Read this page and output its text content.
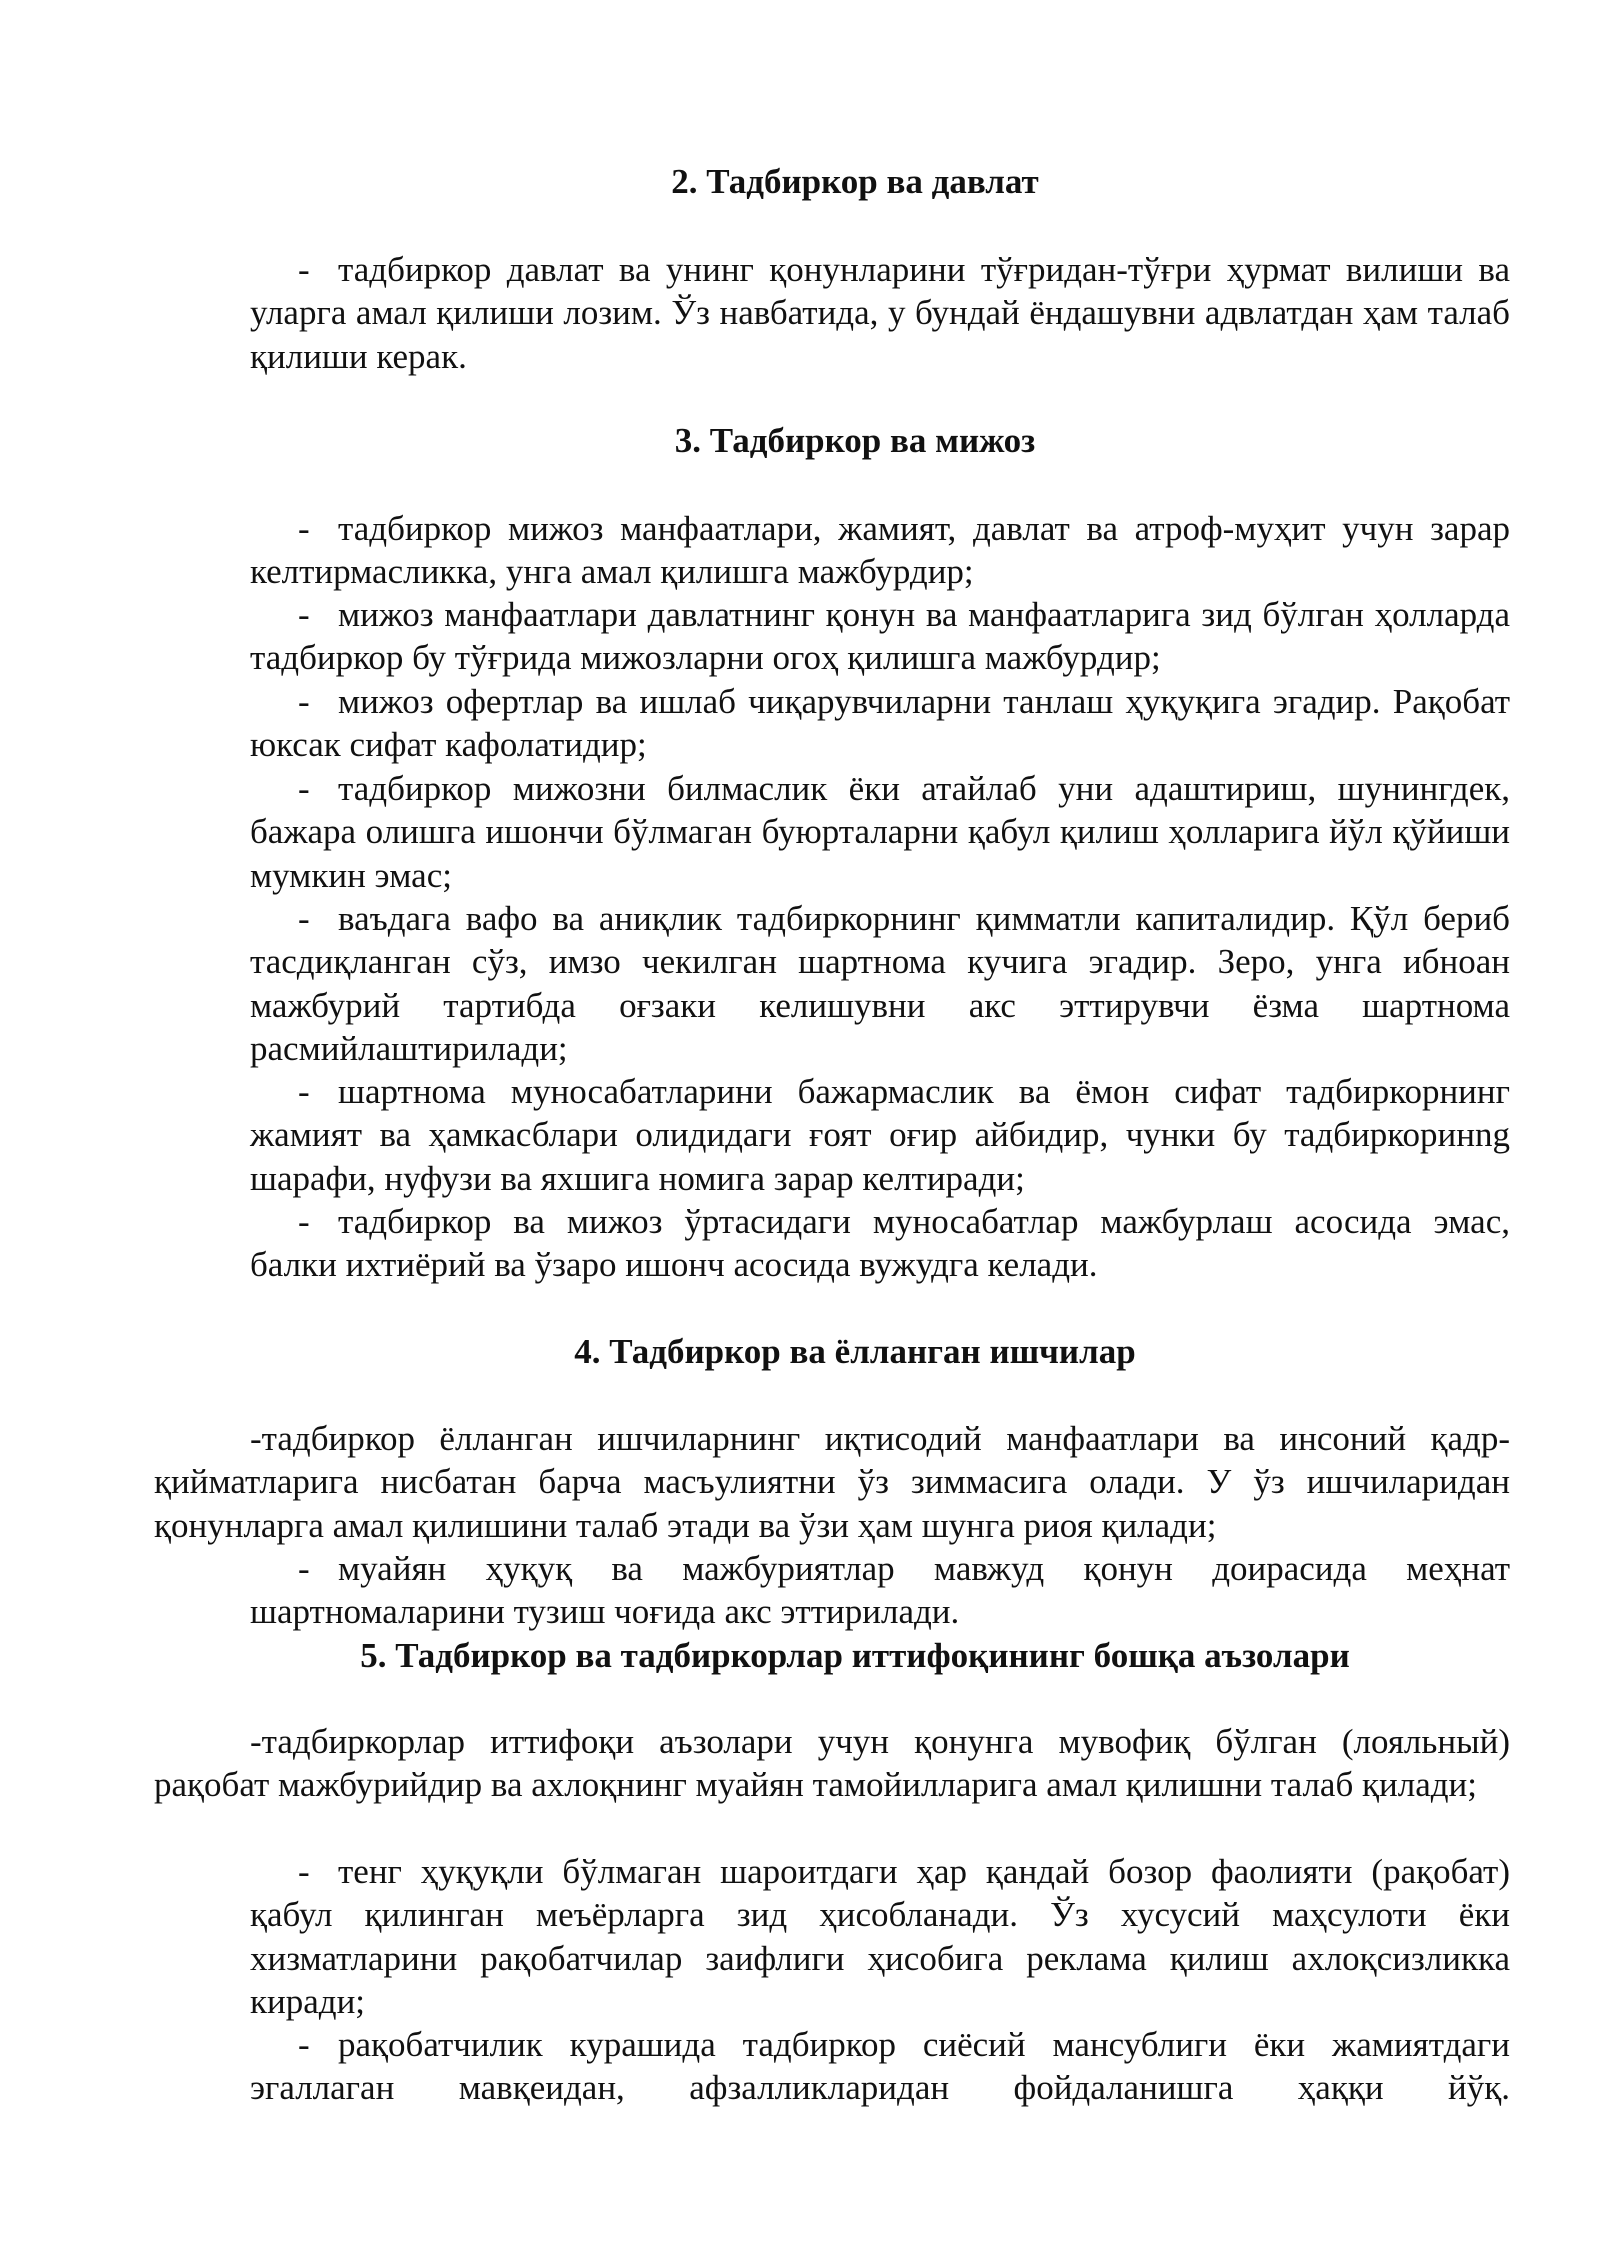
2. Тадбиркор ва давлат

- тадбиркор давлат ва унинг қонунларини тўғридан-тўғри ҳурмат вилиши ва уларга амал қилиши лозим. Ўз навбатида, у бундай ёндашувни адвлатдан ҳам талаб қилиши керак.

3. Тадбиркор ва мижоз

- тадбиркор мижоз манфаатлари, жамият, давлат ва атроф-муҳит учун зарар келтирмасликка, унга амал қилишга мажбурдир;

- мижоз манфаатлари давлатнинг қонун ва манфаатларига зид бўлган ҳолларда тадбиркор бу тўғрида мижозларни огоҳ қилишга мажбурдир;

- мижоз офертлар ва ишлаб чиқарувчиларни танлаш ҳуқуқига эгадир. Рақобат юксак сифат кафолатидир;

- тадбиркор мижозни билмаслик ёки атайлаб уни адаштириш, шунингдек, бажара олишга ишончи бўлмаган буюрталарни қабул қилиш ҳолларига йўл қўйиши мумкин эмас;

- ваъдага вафо ва аниқлик тадбиркорнинг қимматли капиталидир. Қўл бериб тасдиқланган сўз, имзо чекилган шартнома кучига эгадир. Зеро, унга ибноан мажбурий тартибда оғзаки келишувни акс эттирувчи ёзма шартнома расмийлаштирилади;

- шартнома муносабатларини бажармаслик ва ёмон сифат тадбиркорнинг жамият ва ҳамкасблари олидидаги ғоят оғир айбидир, чунки бу тадбиркоринng шарафи, нуфузи ва яхшига номига зарар келтиради;

- тадбиркор ва мижоз ўртасидаги муносабатлар мажбурлаш асосида эмас, балки ихтиёрий ва ўзаро ишонч асосида вужудга келади.

4. Тадбиркор ва ёлланган ишчилар

-тадбиркор ёлланган ишчиларнинг иқтисодий манфаатлари ва инсоний қадр-қийматларига нисбатан барча масъулиятни ўз зиммасига олади. У ўз ишчиларидан қонунларга амал қилишини талаб этади ва ўзи ҳам шунга риоя қилади;

- муайян ҳуқуқ ва мажбуриятлар мавжуд қонун доирасида меҳнат шартномаларини тузиш чоғида акс эттирилади.

5. Тадбиркор ва тадбиркорлар иттифоқининг бошқа аъзолари

-тадбиркорлар иттифоқи аъзолари учун қонунга мувофиқ бўлган (лояльный) рақобат мажбурийдир ва ахлоқнинг муайян тамойилларига амал қилишни талаб қилади;

- тенг ҳуқуқли бўлмаган шароитдаги ҳар қандай бозор фаолияти (рақобат) қабул қилинган меъёрларга зид ҳисобланади. Ўз хусусий маҳсулоти ёки хизматларини рақобатчилар заифлиги ҳисобига реклама қилиш ахлоқсизликка киради;

- рақобатчилик курашида тадбиркор сиёсий мансублиги ёки жамиятдаги эгаллаган мавқеидан, афзалликларидан фойдаланишга ҳаққи йўқ.
